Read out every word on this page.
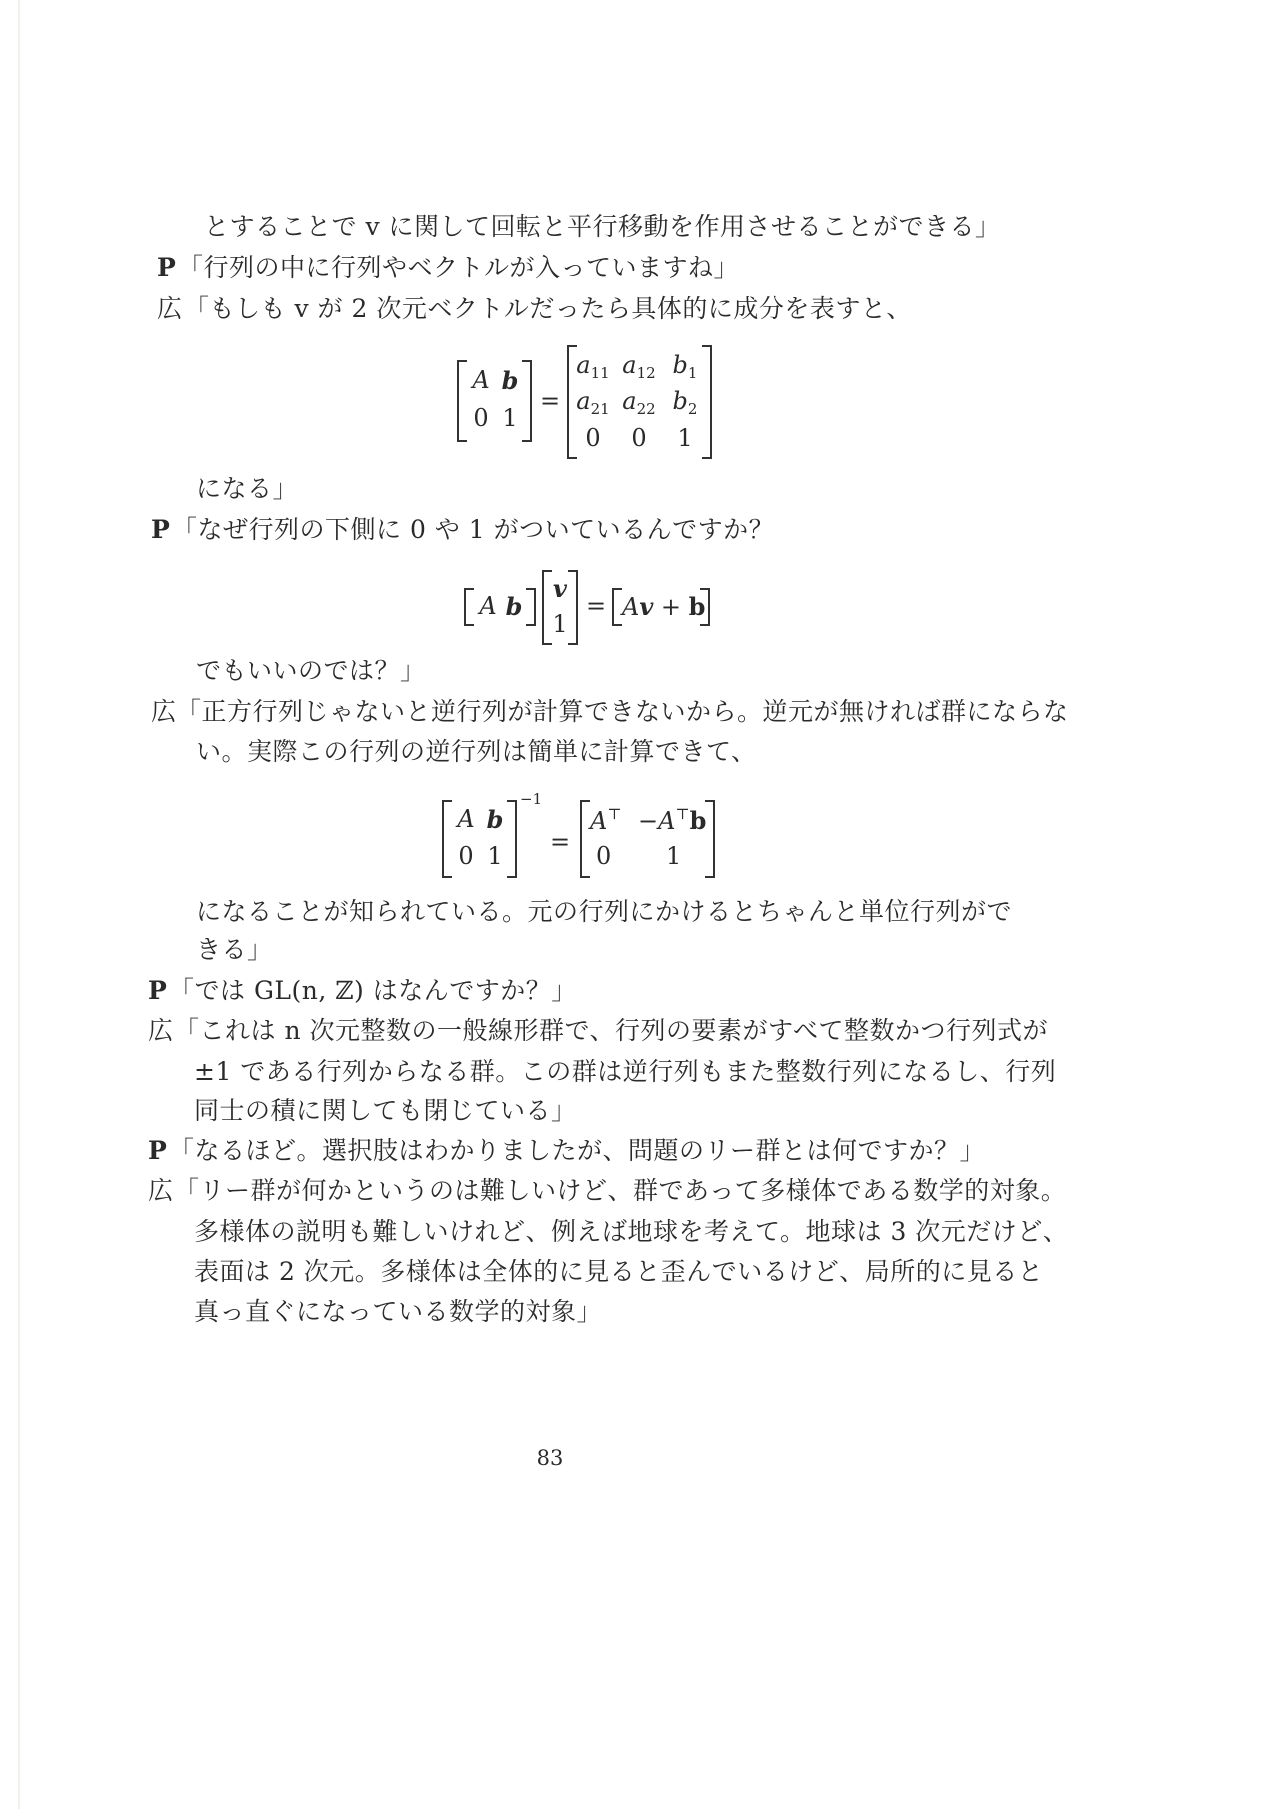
とすることで v に関して回転と平行移動を作用させることができる」
P 「行列の中に行列やベクトルが入っていますね」
広 「もしも v が 2 次元ベクトルだったら具体的に成分を表すと、
A b
0 1
=
$a_{11}$ $a_{12}$ $b_1$
$a_{21}$ $a_{22}$ $b_2$
0	0	1
になる」
P 「なぜ行列の下側に 0 や 1 がついているんですか？
A b
v
1
= Av + b
でもいいのでは？」
広 「正方行列じゃないと逆行列が計算できないから。逆元が無ければ群にならな
い。実際この行列の逆行列は簡単に計算できて、
A b
0 1
−1
=
A⊤ −A⊤b
0 1
になることが知られている。元の行列にかけるとちゃんと単位行列がで
きる」
P 「では GL(n, ℤ) はなんですか？」
広 「これは n 次元整数の一般線形群で、行列の要素がすべて整数かつ行列式が
±1 である行列からなる群。この群は逆行列もまた整数行列になるし、行列
同士の積に関しても閉じている」
P 「なるほど。選択肢はわかりましたが、問題のリー群とは何ですか？」
広 「リー群が何かというのは難しいけど、群であって多様体である数学的対象。
多様体の説明も難しいけれど、例えば地球を考えて。地球は 3 次元だけど、
表面は 2 次元。多様体は全体的に見ると歪んでいるけど、局所的に見ると
真っ直ぐになっている数学的対象」
83
